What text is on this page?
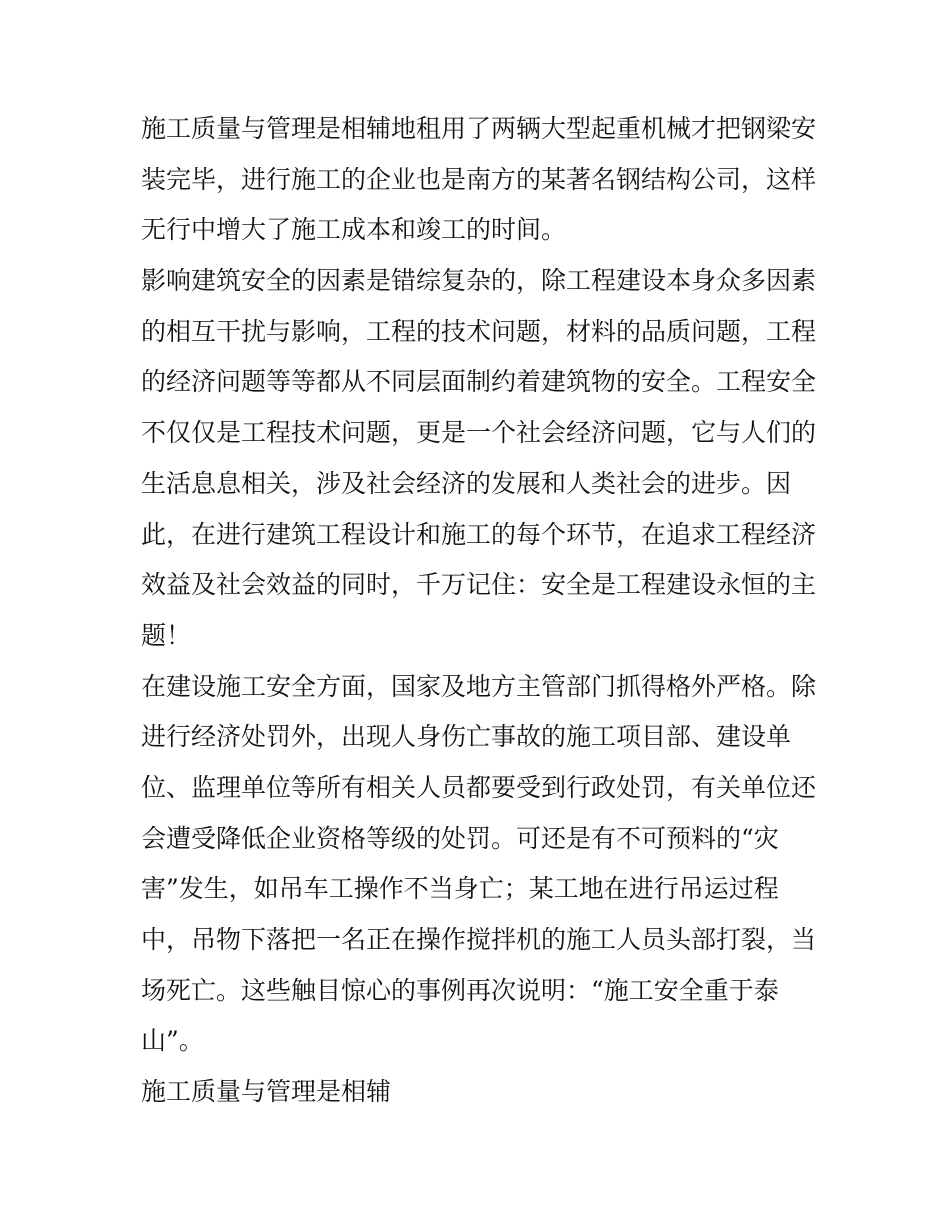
施工质量与管理是相辅地租用了两辆大型起重机械才把钢梁安
装完毕，进行施工的企业也是南方的某著名钢结构公司，这样
无行中增大了施工成本和竣工的时间。
影响建筑安全的因素是错综复杂的，除工程建设本身众多因素
的相互干扰与影响，工程的技术问题，材料的品质问题，工程
的经济问题等等都从不同层面制约着建筑物的安全。工程安全
不仅仅是工程技术问题，更是一个社会经济问题，它与人们的
生活息息相关，涉及社会经济的发展和人类社会的进步。因
此，在进行建筑工程设计和施工的每个环节，在追求工程经济
效益及社会效益的同时，千万记住：安全是工程建设永恒的主
题！
在建设施工安全方面，国家及地方主管部门抓得格外严格。除
进行经济处罚外，出现人身伤亡事故的施工项目部、建设单
位、监理单位等所有相关人员都要受到行政处罚，有关单位还
会遭受降低企业资格等级的处罚。可还是有不可预料的“灾
害”发生，如吊车工操作不当身亡；某工地在进行吊运过程
中，吊物下落把一名正在操作搅拌机的施工人员头部打裂，当
场死亡。这些触目惊心的事例再次说明：“施工安全重于泰
山”。
施工质量与管理是相辅
